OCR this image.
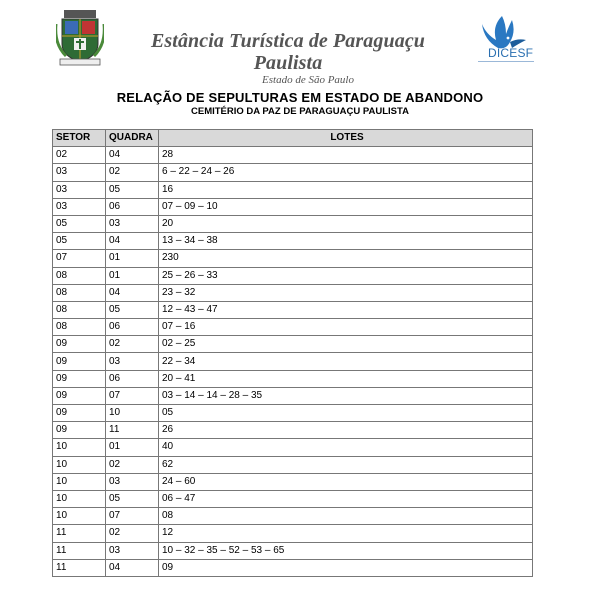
Estância Turística de Paraguaçu Paulista
Estado de São Paulo
DICESF
RELAÇÃO DE SEPULTURAS EM ESTADO DE ABANDONO
CEMITÉRIO DA PAZ DE PARAGUAÇU PAULISTA
SETOR	QUADRA	LOTES
02	04	28
03	02	6 – 22 – 24 – 26
03	05	16
03	06	07 – 09 – 10
05	03	20
05	04	13 – 34 – 38
07	01	230
08	01	25 – 26 – 33
08	04	23 – 32
08	05	12 – 43 – 47
08	06	07 – 16
09	02	02 – 25
09	03	22 – 34
09	06	20 – 41
09	07	03 – 14 – 14 – 28 – 35
09	10	05
09	11	26
10	01	40
10	02	62
10	03	24 – 60
10	05	06 – 47
10	07	08
11	02	12
11	03	10 – 32 – 35 – 52 – 53 – 65
11	04	09
